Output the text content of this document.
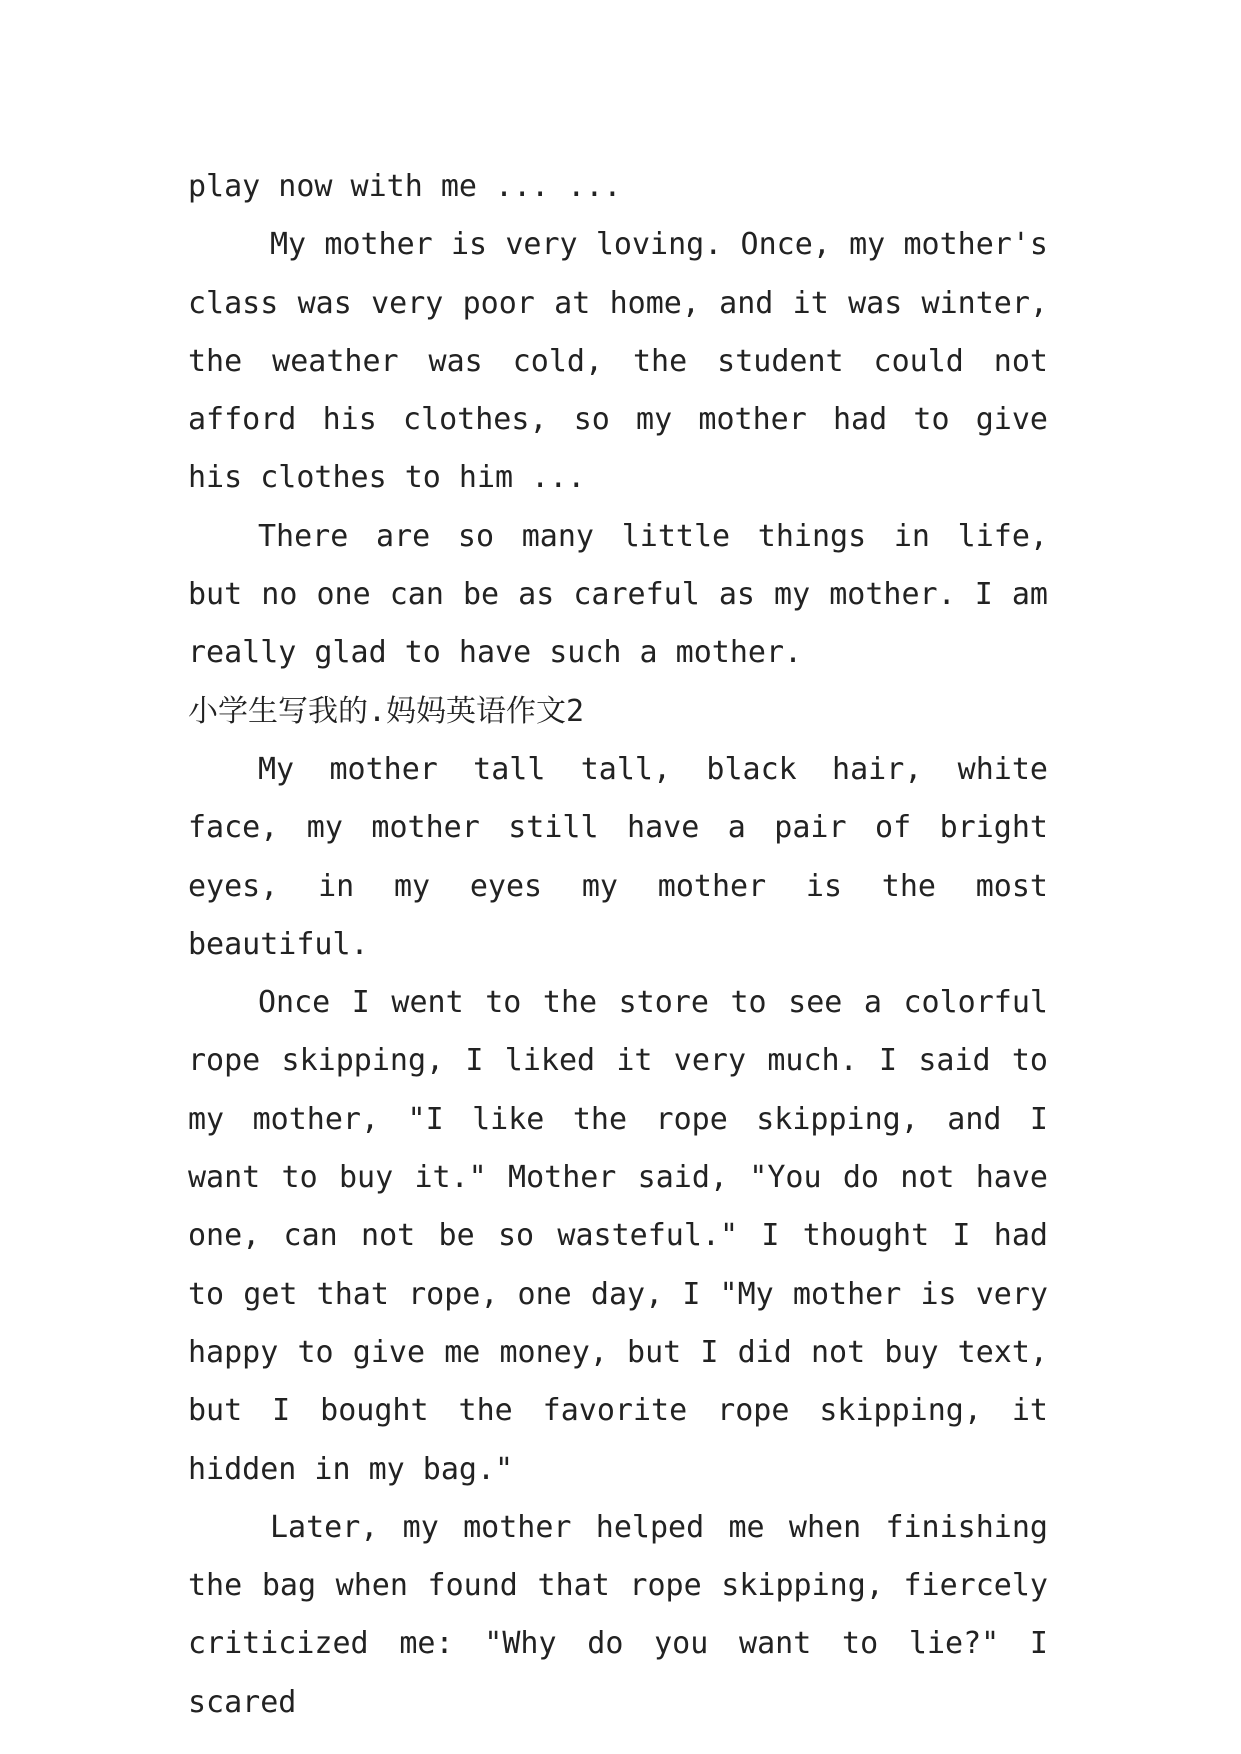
play now with me ... ...

My mother is very loving. Once, my mother's class was very poor at home, and it was winter, the weather was cold, the student could not afford his clothes, so my mother had to give his clothes to him ...

There are so many little things in life, but no one can be as careful as my mother. I am really glad to have such a mother.

小学生写我的.妈妈英语作文2

My mother tall tall, black hair, white face, my mother still have a pair of bright eyes, in my eyes my mother is the most beautiful.

Once I went to the store to see a colorful rope skipping, I liked it very much. I said to my mother, "I like the rope skipping, and I want to buy it." Mother said, "You do not have one, can not be so wasteful." I thought I had to get that rope, one day, I "My mother is very happy to give me money, but I did not buy text, but I bought the favorite rope skipping, it hidden in my bag."

Later, my mother helped me when finishing the bag when found that rope skipping, fiercely criticized me: "Why do you want to lie?" I scared
